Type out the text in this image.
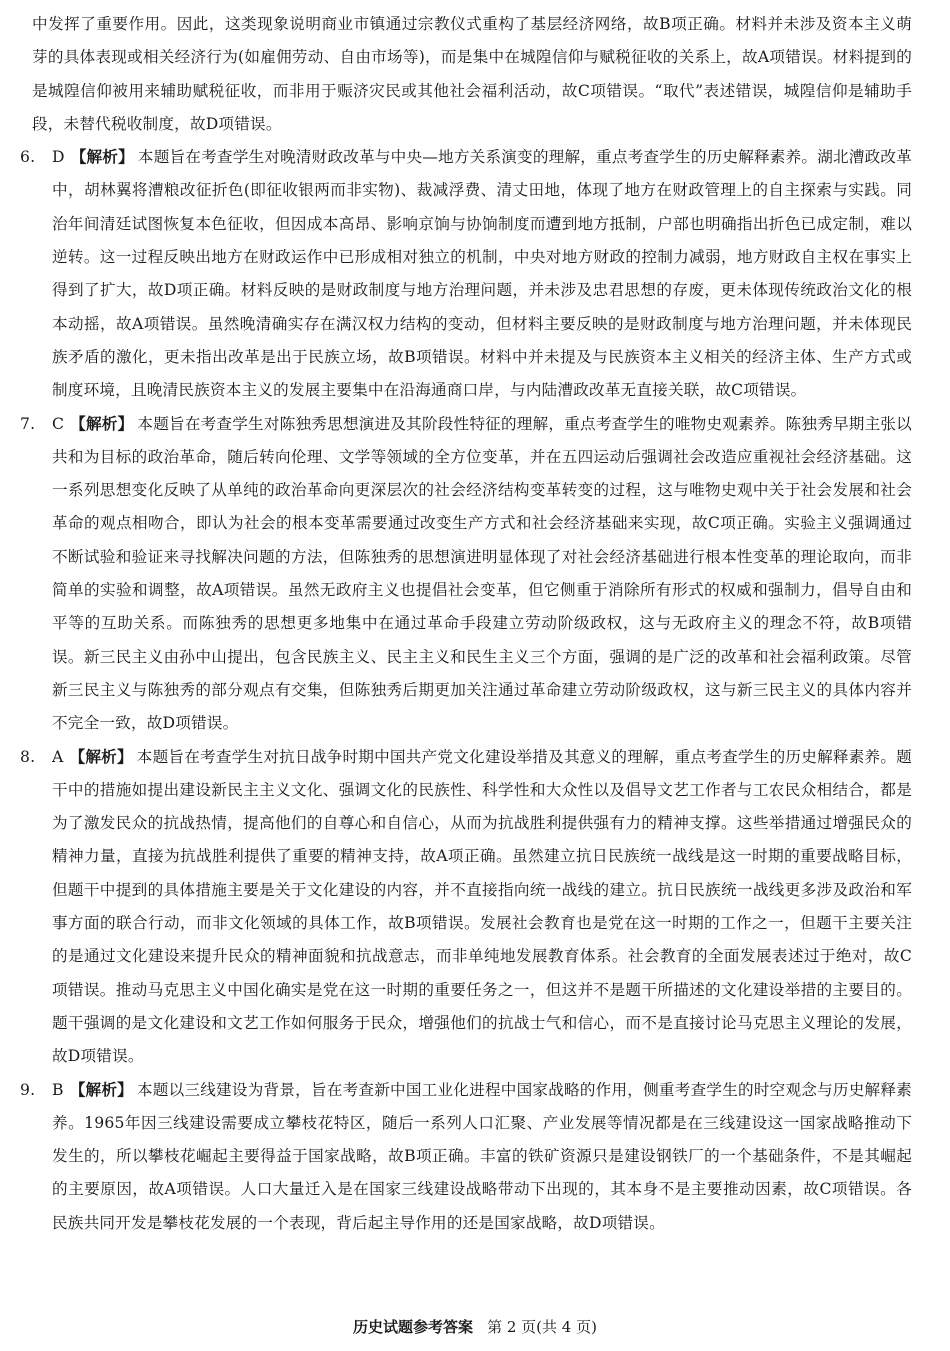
中发挥了重要作用。因此，这类现象说明商业市镇通过宗教仪式重构了基层经济网络，故B项正确。材料并未涉及资本主义萌芽的具体表现或相关经济行为(如雇佣劳动、自由市场等)，而是集中在城隍信仰与赋税征收的关系上，故A项错误。材料提到的是城隍信仰被用来辅助赋税征收，而非用于赈济灾民或其他社会福利活动，故C项错误。“取代”表述错误，城隍信仰是辅助手段，未替代税收制度，故D项错误。

6. D 【解析】 本题旨在考查学生对晚清财政改革与中央—地方关系演变的理解，重点考查学生的历史解释素养。湖北漕政改革中，胡林翼将漕粮改征折色(即征收银两而非实物)、裁减浮费、清丈田地，体现了地方在财政管理上的自主探索与实践。同治年间清廷试图恢复本色征收，但因成本高昂、影响京饷与协饷制度而遭到地方抵制，户部也明确指出折色已成定制，难以逆转。这一过程反映出地方在财政运作中已形成相对独立的机制，中央对地方财政的控制力减弱，地方财政自主权在事实上得到了扩大，故D项正确。材料反映的是财政制度与地方治理问题，并未涉及忠君思想的存废，更未体现传统政治文化的根本动摇，故A项错误。虽然晚清确实存在满汉权力结构的变动，但材料主要反映的是财政制度与地方治理问题，并未体现民族矛盾的激化，更未指出改革是出于民族立场，故B项错误。材料中并未提及与民族资本主义相关的经济主体、生产方式或制度环境，且晚清民族资本主义的发展主要集中在沿海通商口岸，与内陆漕政改革无直接关联，故C项错误。

7. C 【解析】 本题旨在考查学生对陈独秀思想演进及其阶段性特征的理解，重点考查学生的唯物史观素养。陈独秀早期主张以共和为目标的政治革命，随后转向伦理、文学等领域的全方位变革，并在五四运动后强调社会改造应重视社会经济基础。这一系列思想变化反映了从单纯的政治革命向更深层次的社会经济结构变革转变的过程，这与唯物史观中关于社会发展和社会革命的观点相吻合，即认为社会的根本变革需要通过改变生产方式和社会经济基础来实现，故C项正确。实验主义强调通过不断试验和验证来寻找解决问题的方法，但陈独秀的思想演进明显体现了对社会经济基础进行根本性变革的理论取向，而非简单的实验和调整，故A项错误。虽然无政府主义也提倡社会变革，但它侧重于消除所有形式的权威和强制力，倡导自由和平等的互助关系。而陈独秀的思想更多地集中在通过革命手段建立劳动阶级政权，这与无政府主义的理念不符，故B项错误。新三民主义由孙中山提出，包含民族主义、民主主义和民生主义三个方面，强调的是广泛的改革和社会福利政策。尽管新三民主义与陈独秀的部分观点有交集，但陈独秀后期更加关注通过革命建立劳动阶级政权，这与新三民主义的具体内容并不完全一致，故D项错误。

8. A 【解析】 本题旨在考查学生对抗日战争时期中国共产党文化建设举措及其意义的理解，重点考查学生的历史解释素养。题干中的措施如提出建设新民主主义文化、强调文化的民族性、科学性和大众性以及倡导文艺工作者与工农民众相结合，都是为了激发民众的抗战热情，提高他们的自尊心和自信心，从而为抗战胜利提供强有力的精神支撑。这些举措通过增强民众的精神力量，直接为抗战胜利提供了重要的精神支持，故A项正确。虽然建立抗日民族统一战线是这一时期的重要战略目标，但题干中提到的具体措施主要是关于文化建设的内容，并不直接指向统一战线的建立。抗日民族统一战线更多涉及政治和军事方面的联合行动，而非文化领域的具体工作，故B项错误。发展社会教育也是党在这一时期的工作之一，但题干主要关注的是通过文化建设来提升民众的精神面貌和抗战意志，而非单纯地发展教育体系。社会教育的全面发展表述过于绝对，故C项错误。推动马克思主义中国化确实是党在这一时期的重要任务之一，但这并不是题干所描述的文化建设举措的主要目的。题干强调的是文化建设和文艺工作如何服务于民众，增强他们的抗战士气和信心，而不是直接讨论马克思主义理论的发展，故D项错误。

9. B 【解析】 本题以三线建设为背景，旨在考查新中国工业化进程中国家战略的作用，侧重考查学生的时空观念与历史解释素养。1965年因三线建设需要成立攀枝花特区，随后一系列人口汇聚、产业发展等情况都是在三线建设这一国家战略推动下发生的，所以攀枝花崛起主要得益于国家战略，故B项正确。丰富的铁矿资源只是建设钢铁厂的一个基础条件，不是其崛起的主要原因，故A项错误。人口大量迁入是在国家三线建设战略带动下出现的，其本身不是主要推动因素，故C项错误。各民族共同开发是攀枝花发展的一个表现，背后起主导作用的还是国家战略，故D项错误。

历史试题参考答案 第 2 页(共 4 页)
